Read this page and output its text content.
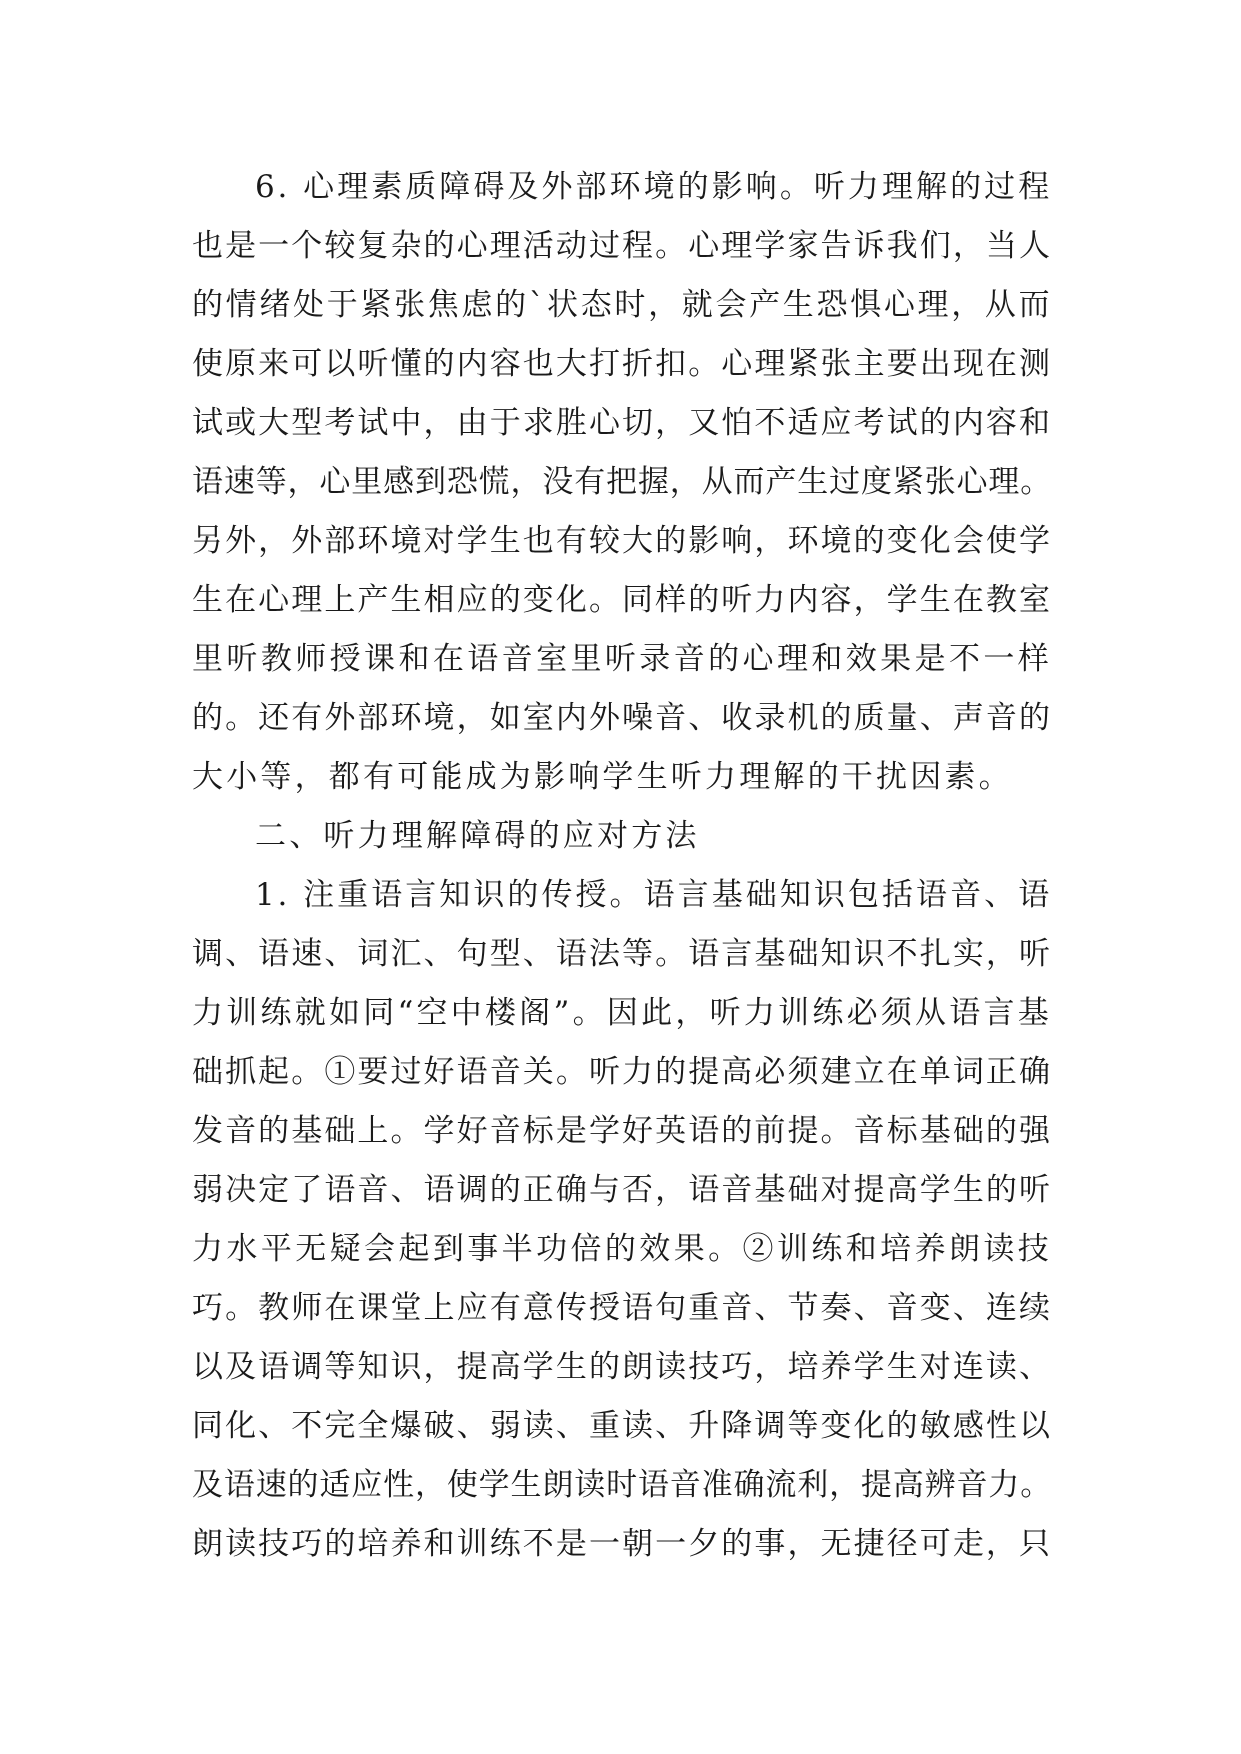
6. 心理素质障碍及外部环境的影响。听力理解的过程
也是一个较复杂的心理活动过程。心理学家告诉我们，当人
的情绪处于紧张焦虑的`状态时，就会产生恐惧心理，从而
使原来可以听懂的内容也大打折扣。心理紧张主要出现在测
试或大型考试中，由于求胜心切，又怕不适应考试的内容和
语速等，心里感到恐慌，没有把握，从而产生过度紧张心理。
另外，外部环境对学生也有较大的影响，环境的变化会使学
生在心理上产生相应的变化。同样的听力内容，学生在教室
里听教师授课和在语音室里听录音的心理和效果是不一样
的。还有外部环境，如室内外噪音、收录机的质量、声音的
大小等，都有可能成为影响学生听力理解的干扰因素。
二、听力理解障碍的应对方法
1. 注重语言知识的传授。语言基础知识包括语音、语
调、语速、词汇、句型、语法等。语言基础知识不扎实，听
力训练就如同“空中楼阁”。因此，听力训练必须从语言基
础抓起。①要过好语音关。听力的提高必须建立在单词正确
发音的基础上。学好音标是学好英语的前提。音标基础的强
弱决定了语音、语调的正确与否，语音基础对提高学生的听
力水平无疑会起到事半功倍的效果。②训练和培养朗读技
巧。教师在课堂上应有意传授语句重音、节奏、音变、连续
以及语调等知识，提高学生的朗读技巧，培养学生对连读、
同化、不完全爆破、弱读、重读、升降调等变化的敏感性以
及语速的适应性，使学生朗读时语音准确流利，提高辨音力。
朗读技巧的培养和训练不是一朝一夕的事，无捷径可走，只
